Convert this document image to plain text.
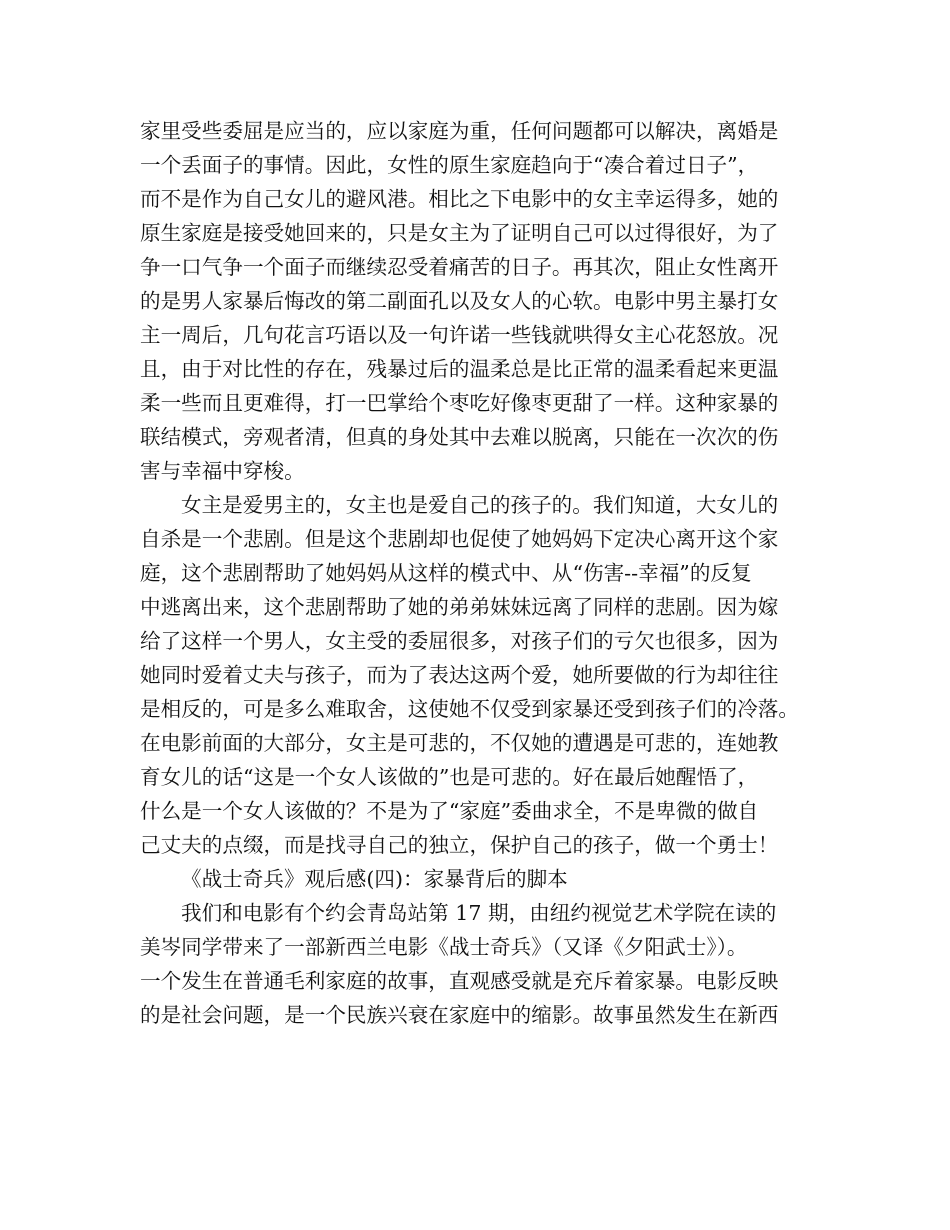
家里受些委屈是应当的，应以家庭为重，任何问题都可以解决，离婚是
一个丢面子的事情。因此，女性的原生家庭趋向于“凑合着过日子”，
而不是作为自己女儿的避风港。相比之下电影中的女主幸运得多，她的
原生家庭是接受她回来的，只是女主为了证明自己可以过得很好，为了
争一口气争一个面子而继续忍受着痛苦的日子。再其次，阻止女性离开
的是男人家暴后悔改的第二副面孔以及女人的心软。电影中男主暴打女
主一周后，几句花言巧语以及一句许诺一些钱就哄得女主心花怒放。况
且，由于对比性的存在，残暴过后的温柔总是比正常的温柔看起来更温
柔一些而且更难得，打一巴掌给个枣吃好像枣更甜了一样。这种家暴的
联结模式，旁观者清，但真的身处其中去难以脱离，只能在一次次的伤
害与幸福中穿梭。
女主是爱男主的，女主也是爱自己的孩子的。我们知道，大女儿的
自杀是一个悲剧。但是这个悲剧却也促使了她妈妈下定决心离开这个家
庭，这个悲剧帮助了她妈妈从这样的模式中、从“伤害--幸福”的反复
中逃离出来，这个悲剧帮助了她的弟弟妹妹远离了同样的悲剧。因为嫁
给了这样一个男人，女主受的委屈很多，对孩子们的亏欠也很多，因为
她同时爱着丈夫与孩子，而为了表达这两个爱，她所要做的行为却往往
是相反的，可是多么难取舍，这使她不仅受到家暴还受到孩子们的冷落。
在电影前面的大部分，女主是可悲的，不仅她的遭遇是可悲的，连她教
育女儿的话“这是一个女人该做的”也是可悲的。好在最后她醒悟了，
什么是一个女人该做的？不是为了“家庭”委曲求全，不是卑微的做自
己丈夫的点缀，而是找寻自己的独立，保护自己的孩子，做一个勇士！
《战士奇兵》观后感(四)：家暴背后的脚本
我们和电影有个约会青岛站第 17 期，由纽约视觉艺术学院在读的
美岑同学带来了一部新西兰电影《战士奇兵》（又译《夕阳武士》）。
一个发生在普通毛利家庭的故事，直观感受就是充斥着家暴。电影反映
的是社会问题，是一个民族兴衰在家庭中的缩影。故事虽然发生在新西
